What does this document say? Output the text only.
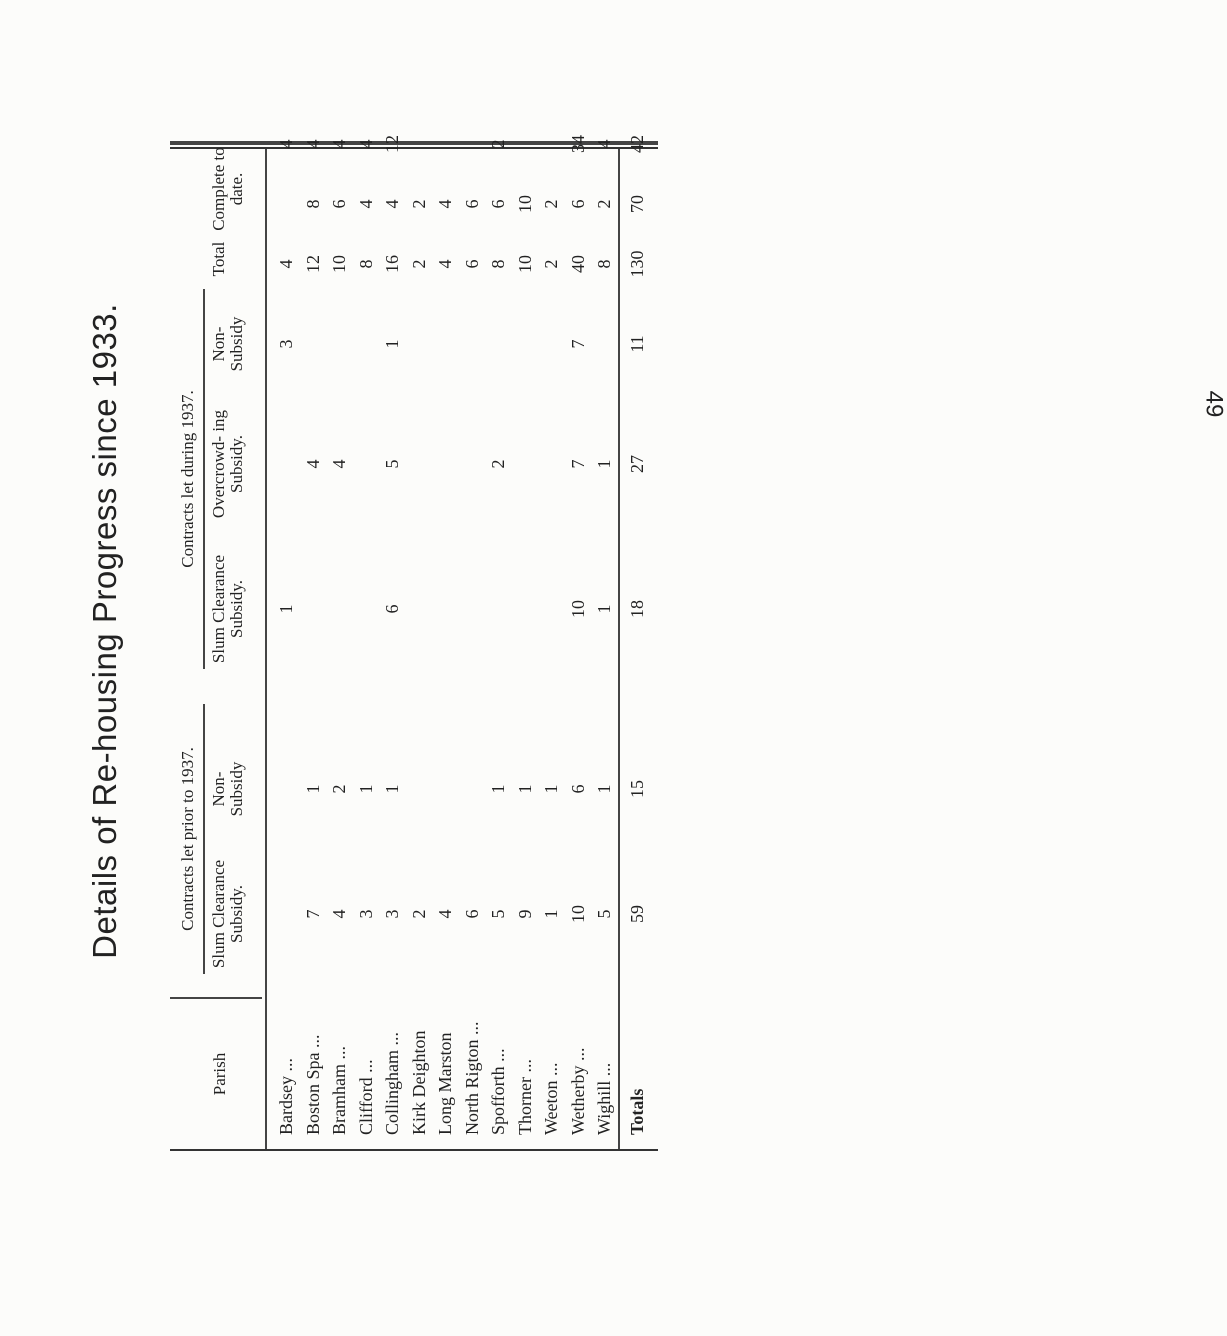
Details of Re-housing Progress since 1933.
Parish
Contracts let prior to 1937.
Contracts let during 1937.
Slum Clearance Subsidy.
Non- Subsidy
Slum Clearance Subsidy.
Overcrowd- ing Subsidy.
Non- Subsidy
Total
Complete to date.
Bardsey ...
1
3
4
4
Boston Spa ...
7
1
4
12
8
4
Bramham ...
4
2
4
10
6
4
Clifford ...
3
1
8
4
4
Collingham ...
3
1
6
5
1
16
4
12
Kirk Deighton
2
2
2
Long Marston
4
4
4
North Rigton ...
6
6
6
Spofforth ...
5
1
2
8
6
2
Thorner ...
9
1
10
10
Weeton ...
1
1
2
2
Wetherby ...
10
6
10
7
7
40
6
34
Wighill ...
5
1
1
1
8
2
4
Totals
59
15
18
27
11
130
70
42
49
